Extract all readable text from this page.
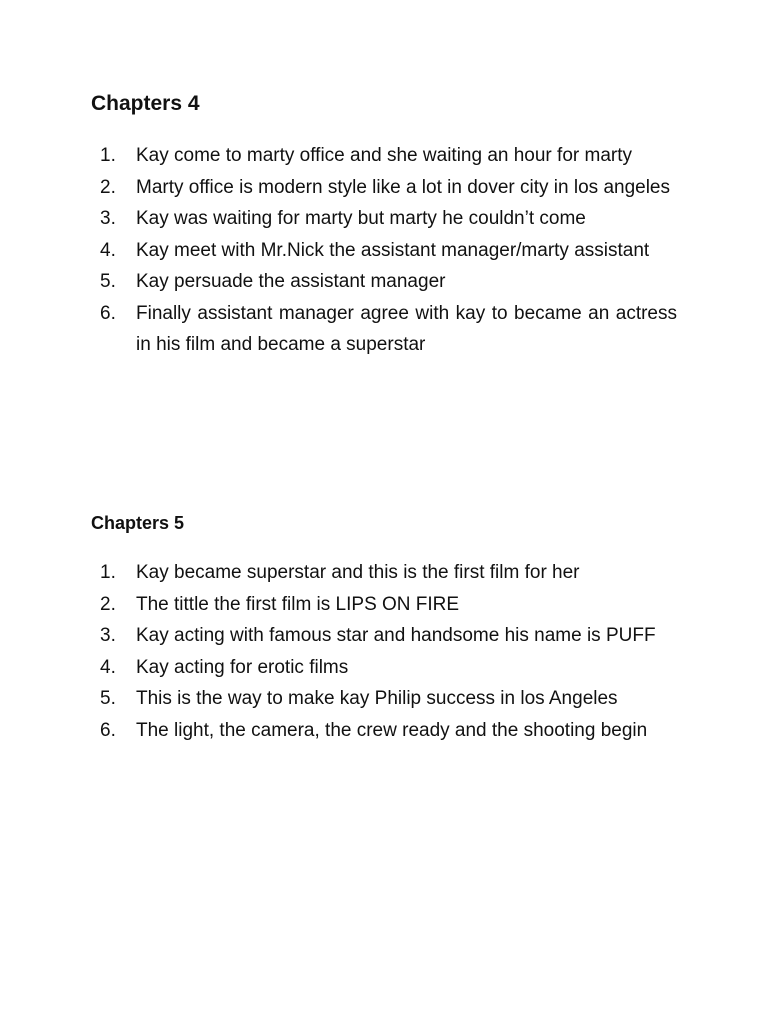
Chapters 4
1. Kay come to marty office and she waiting an hour for marty
2. Marty office is modern style like a lot in dover city in los angeles
3. Kay was waiting for marty but marty he couldn’t come
4. Kay meet with Mr.Nick the assistant manager/marty assistant
5. Kay persuade the assistant manager
6. Finally assistant manager agree with kay to became an actress in his film and became a superstar
Chapters 5
1. Kay became superstar and this is the first film for her
2. The tittle the first film is LIPS ON FIRE
3. Kay acting with famous star and handsome his name is PUFF
4. Kay acting for erotic films
5. This is the way to make kay Philip success in los Angeles
6. The light, the camera, the crew ready and the shooting begin
